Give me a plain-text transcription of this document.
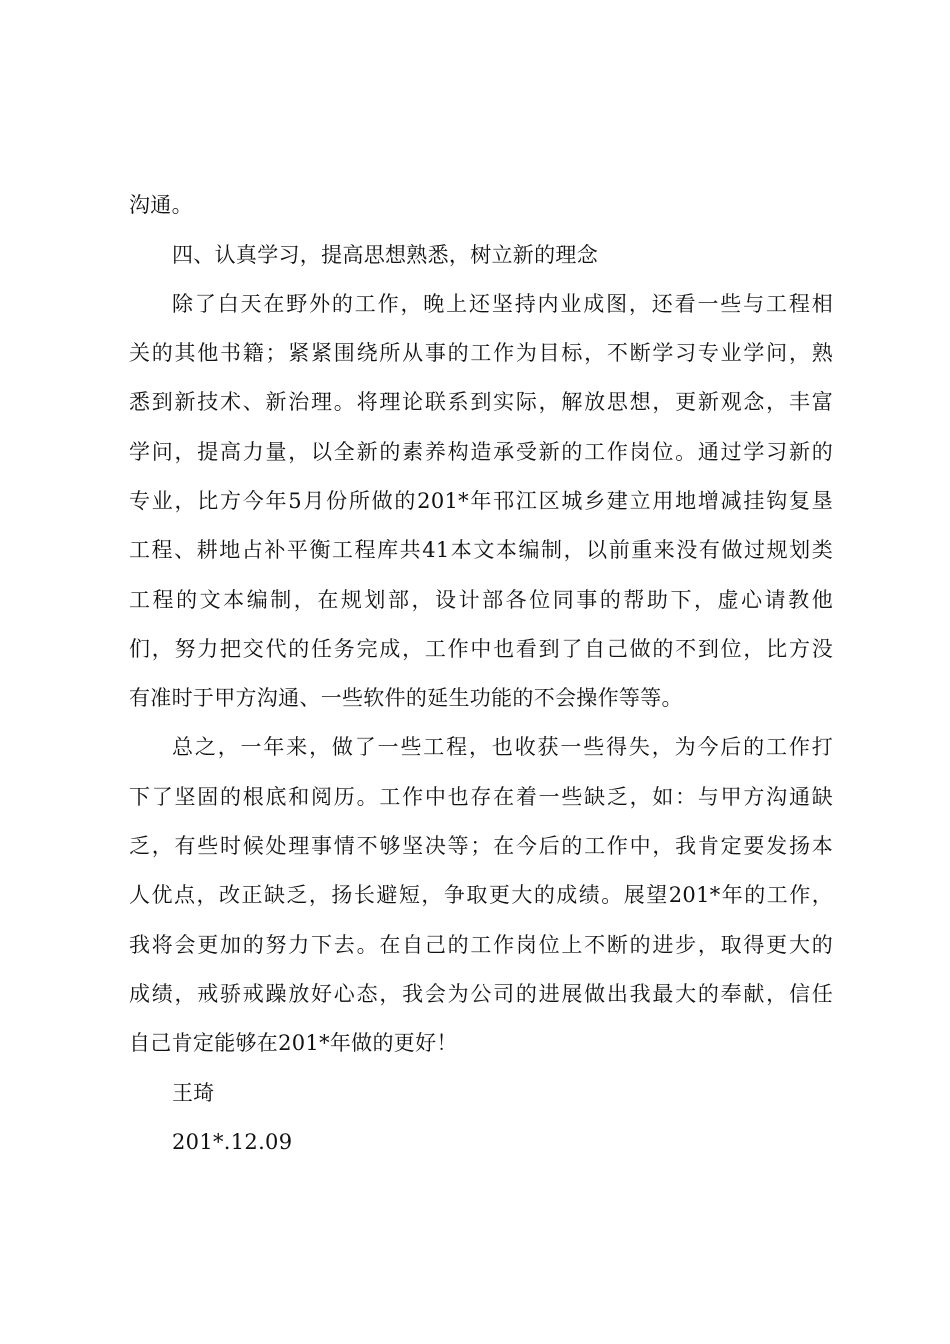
沟通。
四、认真学习，提高思想熟悉，树立新的理念
除了白天在野外的工作，晚上还坚持内业成图，还看一些与工程相
关的其他书籍；紧紧围绕所从事的工作为目标，不断学习专业学问，熟
悉到新技术、新治理。将理论联系到实际，解放思想，更新观念，丰富
学问，提高力量，以全新的素养构造承受新的工作岗位。通过学习新的
专业，比方今年5月份所做的201*年邗江区城乡建立用地增减挂钩复垦
工程、耕地占补平衡工程库共41本文本编制，以前重来没有做过规划类
工程的文本编制，在规划部，设计部各位同事的帮助下，虚心请教他
们，努力把交代的任务完成，工作中也看到了自己做的不到位，比方没
有准时于甲方沟通、一些软件的延生功能的不会操作等等。
总之，一年来，做了一些工程，也收获一些得失，为今后的工作打
下了坚固的根底和阅历。工作中也存在着一些缺乏，如：与甲方沟通缺
乏，有些时候处理事情不够坚决等；在今后的工作中，我肯定要发扬本
人优点，改正缺乏，扬长避短，争取更大的成绩。展望201*年的工作，
我将会更加的努力下去。在自己的工作岗位上不断的进步，取得更大的
成绩，戒骄戒躁放好心态，我会为公司的进展做出我最大的奉献，信任
自己肯定能够在201*年做的更好！
王琦
201*.12.09
